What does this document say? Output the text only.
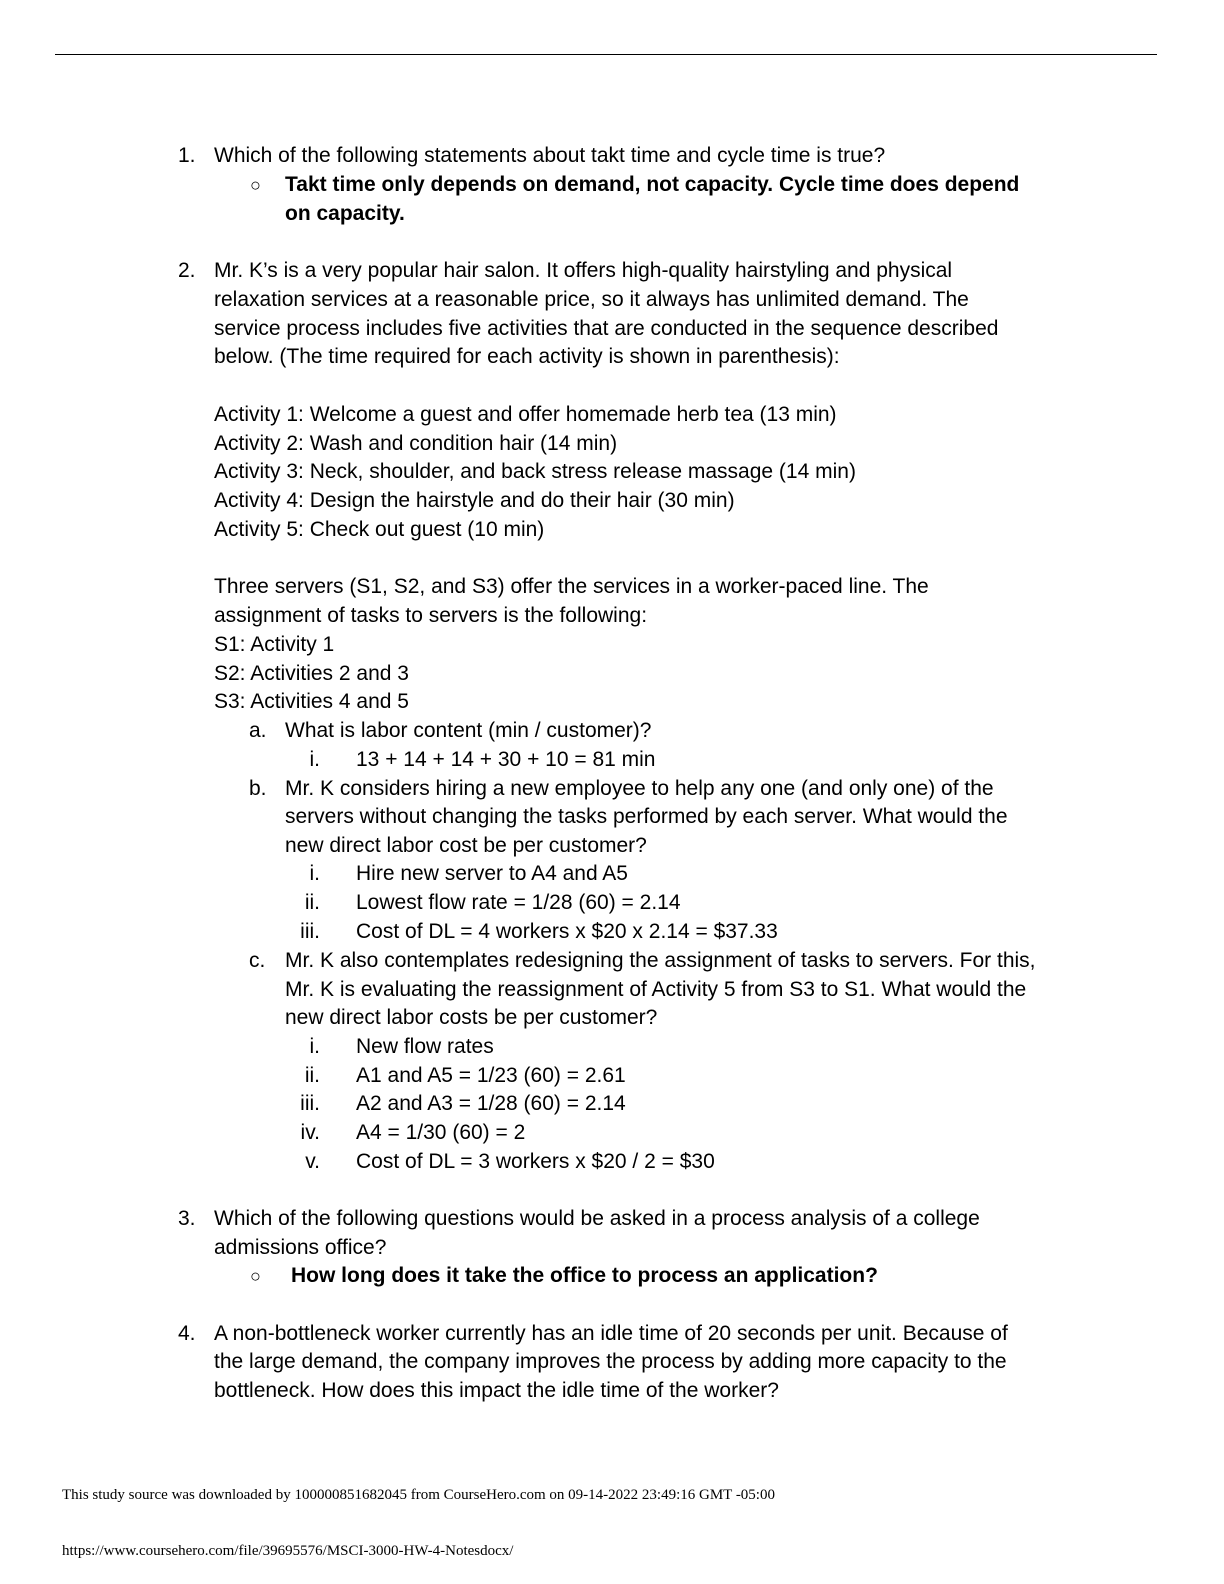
1. Which of the following statements about takt time and cycle time is true?
○ Takt time only depends on demand, not capacity. Cycle time does depend
on capacity.
2. Mr. K’s is a very popular hair salon. It offers high-quality hairstyling and physical
relaxation services at a reasonable price, so it always has unlimited demand. The
service process includes five activities that are conducted in the sequence described
below. (The time required for each activity is shown in parenthesis):
Activity 1: Welcome a guest and offer homemade herb tea (13 min)
Activity 2: Wash and condition hair (14 min)
Activity 3: Neck, shoulder, and back stress release massage (14 min)
Activity 4: Design the hairstyle and do their hair (30 min)
Activity 5: Check out guest (10 min)
Three servers (S1, S2, and S3) offer the services in a worker-paced line. The
assignment of tasks to servers is the following:
S1: Activity 1
S2: Activities 2 and 3
S3: Activities 4 and 5
a. What is labor content (min / customer)?
i. 13 + 14 + 14 + 30 + 10 = 81 min
b. Mr. K considers hiring a new employee to help any one (and only one) of the
servers without changing the tasks performed by each server. What would the
new direct labor cost be per customer?
i. Hire new server to A4 and A5
ii. Lowest flow rate = 1/28 (60) = 2.14
iii. Cost of DL = 4 workers x $20 x 2.14 = $37.33
c. Mr. K also contemplates redesigning the assignment of tasks to servers. For this,
Mr. K is evaluating the reassignment of Activity 5 from S3 to S1. What would the
new direct labor costs be per customer?
i. New flow rates
ii. A1 and A5 = 1/23 (60) = 2.61
iii. A2 and A3 = 1/28 (60) = 2.14
iv. A4 = 1/30 (60) = 2
v. Cost of DL = 3 workers x $20 / 2 = $30
3. Which of the following questions would be asked in a process analysis of a college
admissions office?
○ How long does it take the office to process an application?
4. A non-bottleneck worker currently has an idle time of 20 seconds per unit. Because of
the large demand, the company improves the process by adding more capacity to the
bottleneck. How does this impact the idle time of the worker?
This study source was downloaded by 100000851682045 from CourseHero.com on 09-14-2022 23:49:16 GMT -05:00
https://www.coursehero.com/file/39695576/MSCI-3000-HW-4-Notesdocx/
